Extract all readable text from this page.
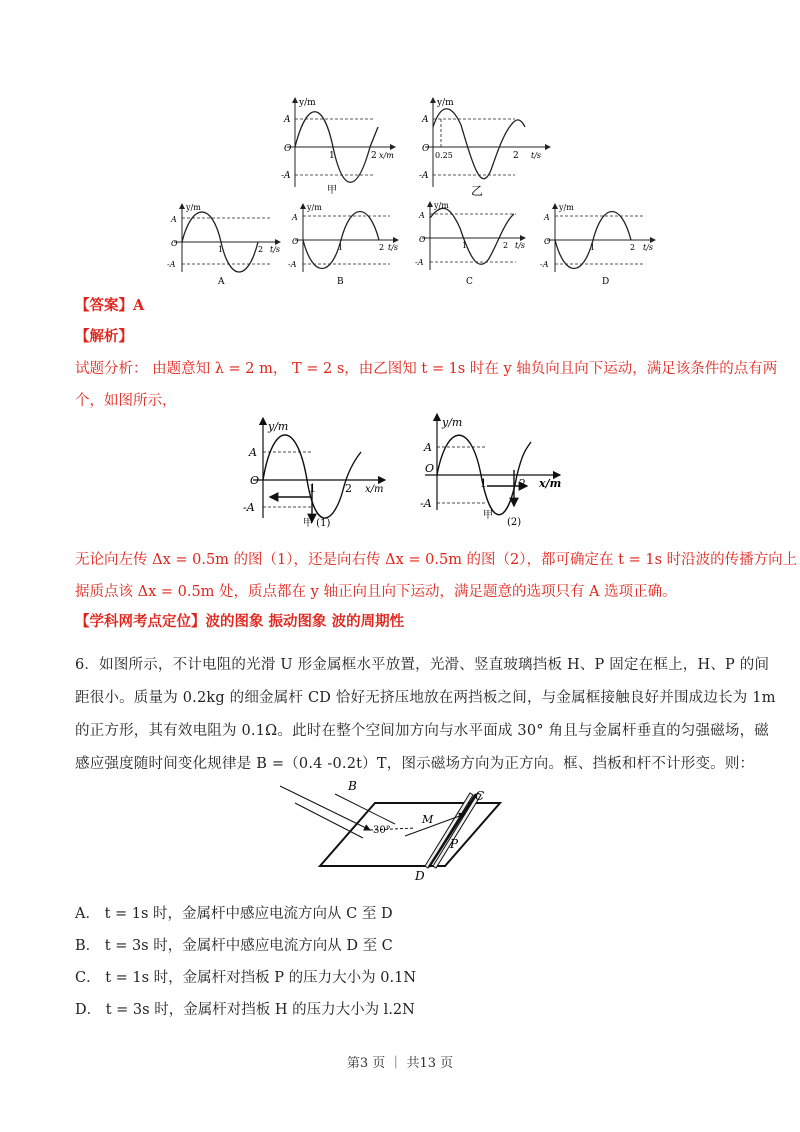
y/m
A
-A
O
1	2 x/m
甲
y/m
A
-A
O
0.25	2 t/s
乙
y/m
A
-A
O
1	2 t/s
A
y/m
A
-A
O
1	2 t/s
B
y/m
A
-A
O
1	2 t/s
C
y/m
A
-A
O
1	2 t/s
D
【答案】A
【解析】
试题分析： 由题意知 λ = 2 m， T = 2 s，由乙图知 t = 1s 时在 y 轴负向且向下运动，满足该条件的点有两
个，如图所示，
y/m
A
-A
O
1	2 x/m
甲 (1)
y/m
A
-A
O
1	2 x/m
甲
(2)
无论向左传 Δx = 0.5m 的图（1），还是向右传 Δx = 0.5m 的图（2），都可确定在 t = 1s 时沿波的传播方向上
据质点该 Δx = 0.5m 处，质点都在 y 轴正向且向下运动，满足题意的选项只有 A 选项正确。
【学科网考点定位】波的图象 振动图象 波的周期性
6．如图所示，不计电阻的光滑 U 形金属框水平放置，光滑、竖直玻璃挡板 H、P 固定在框上，H、P 的间
距很小。质量为 0.2kg 的细金属杆 CD 恰好无挤压地放在两挡板之间，与金属框接触良好并围成边长为 1m
的正方形，其有效电阻为 0.1Ω。此时在整个空间加方向与水平面成 30° 角且与金属杆垂直的匀强磁场，磁
感应强度随时间变化规律是 B =（0.4 -0.2t）T，图示磁场方向为正方向。框、挡板和杆不计形变。则：
B
C
D
P
M
30°
A． t = 1s 时，金属杆中感应电流方向从 C 至 D
B． t = 3s 时，金属杆中感应电流方向从 D 至 C
C． t = 1s 时，金属杆对挡板 P 的压力大小为 0.1N
D． t = 3s 时，金属杆对挡板 H 的压力大小为 l.2N
第3 页 ｜ 共13 页
